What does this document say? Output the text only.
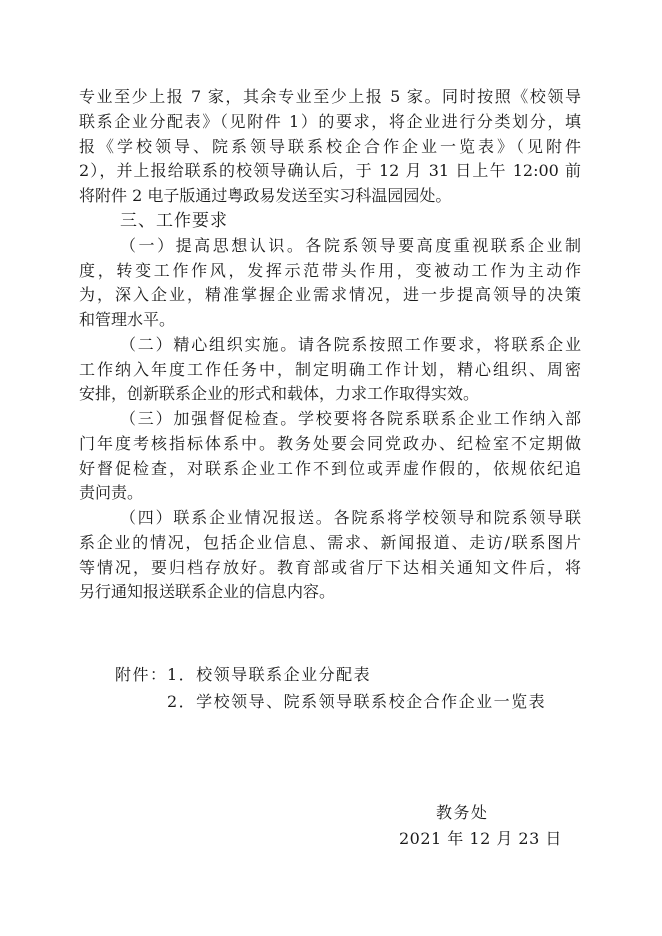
专业至少上报 7 家，其余专业至少上报 5 家。同时按照《校领导
联系企业分配表》（见附件 1）的要求，将企业进行分类划分，填
报《学校领导、院系领导联系校企合作企业一览表》（见附件
2），并上报给联系的校领导确认后，于 12 月 31 日上午 12:00 前
将附件 2 电子版通过粤政易发送至实习科温园园处。
三、工作要求
（一）提高思想认识。各院系领导要高度重视联系企业制
度，转变工作作风，发挥示范带头作用，变被动工作为主动作
为，深入企业，精准掌握企业需求情况，进一步提高领导的决策
和管理水平。
（二）精心组织实施。请各院系按照工作要求，将联系企业
工作纳入年度工作任务中，制定明确工作计划，精心组织、周密
安排，创新联系企业的形式和载体，力求工作取得实效。
（三）加强督促检查。学校要将各院系联系企业工作纳入部
门年度考核指标体系中。教务处要会同党政办、纪检室不定期做
好督促检查，对联系企业工作不到位或弄虚作假的，依规依纪追
责问责。
（四）联系企业情况报送。各院系将学校领导和院系领导联
系企业的情况，包括企业信息、需求、新闻报道、走访/联系图片
等情况，要归档存放好。教育部或省厅下达相关通知文件后，将
另行通知报送联系企业的信息内容。
附件： 1．校领导联系企业分配表
2．学校领导、院系领导联系校企合作企业一览表
教务处
2021 年 12 月 23 日
